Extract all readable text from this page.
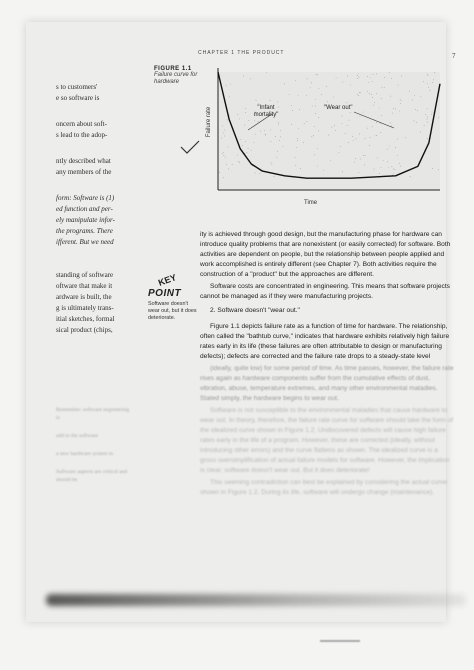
CHAPTER 1 THE PRODUCT	7
s to customers'
e so software is
oncern about soft-
s lead to the adop-
ntly described what
any members of the
form: Software is (1)
ed function and per-
ely manipulate infor-
the programs. There
ifferent. But we need
standing of software
oftware that make it
ardware is built, the
g is ultimately trans-
itial sketches, formal
sical product (chips,
FIGURE 1.1
Failure curve for hardware
Failure rate
Time
"Infant mortality"
"Wear out"
KEY
POINT
Software doesn't wear out, but it does deteriorate.
Remember: software engineering is
add to the software
a new hardware system in
Software aspects are critical and should be

ity is achieved through good design, but the manufacturing phase for hardware can introduce quality problems that are nonexistent (or easily corrected) for software. Both activities are dependent on people, but the relationship between people applied and work accomplished is entirely different (see Chapter 7). Both activities require the construction of a "product" but the approaches are different.

Software costs are concentrated in engineering. This means that software projects cannot be managed as if they were manufacturing projects.

2. Software doesn't "wear out."

Figure 1.1 depicts failure rate as a function of time for hardware. The relationship, often called the "bathtub curve," indicates that hardware exhibits relatively high failure rates early in its life (these failures are often attributable to design or manufacturing defects); defects are corrected and the failure rate drops to a steady-state level

(ideally, quite low) for some period of time. As time passes, however, the failure rate rises again as hardware components suffer from the cumulative effects of dust, vibration, abuse, temperature extremes, and many other environmental maladies. Stated simply, the hardware begins to wear out.

Software is not susceptible to the environmental maladies that cause hardware to wear out. In theory, therefore, the failure rate curve for software should take the form of the idealized curve shown in Figure 1.2. Undiscovered defects will cause high failure rates early in the life of a program. However, these are corrected (ideally, without introducing other errors) and the curve flattens as shown. The idealized curve is a gross oversimplification of actual failure models for software. However, the implication is clear: software doesn't wear out. But it does deteriorate!

This seeming contradiction can best be explained by considering the actual curve shown in Figure 1.2. During its life, software will undergo change (maintenance).
